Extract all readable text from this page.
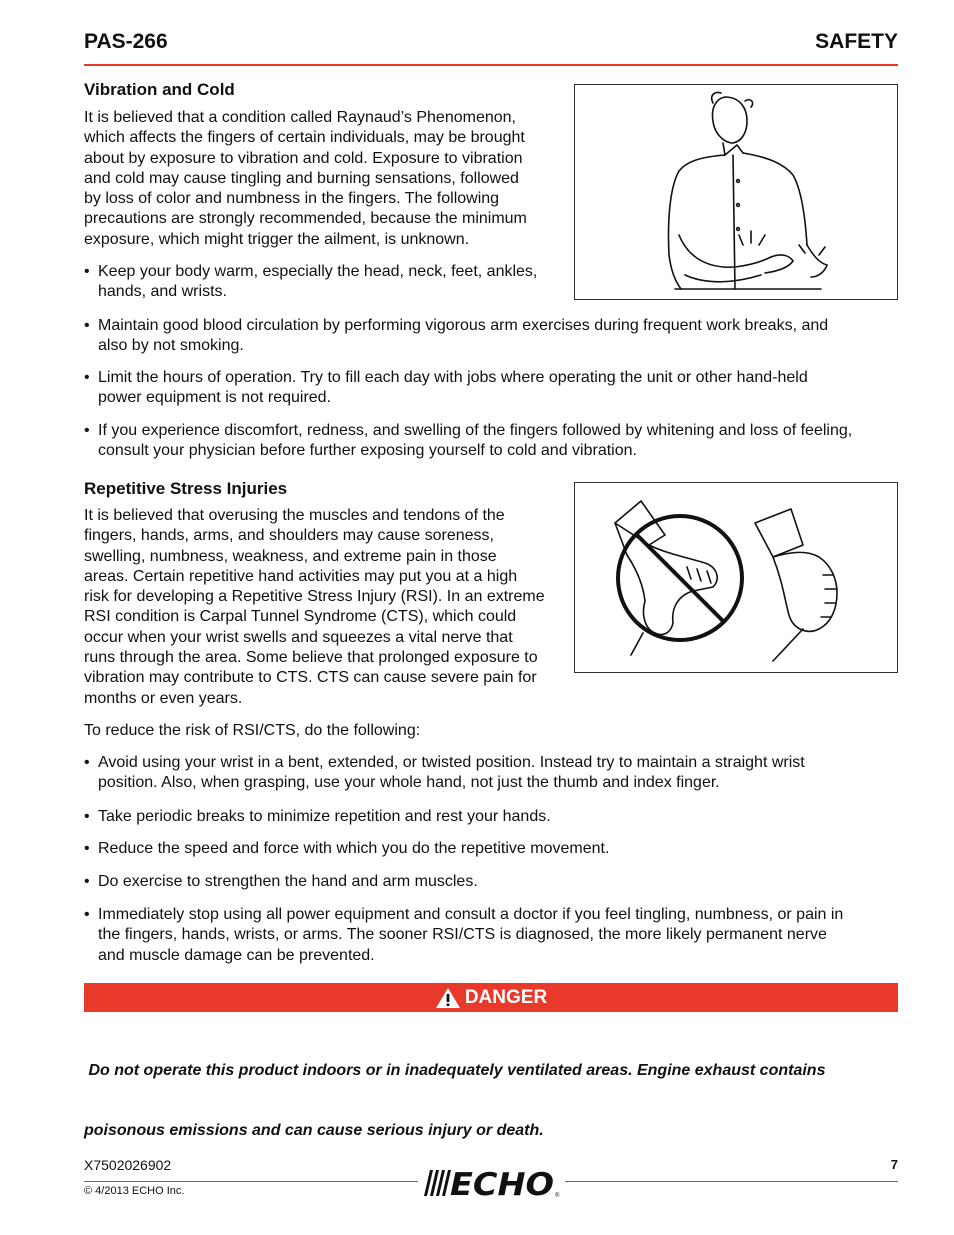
PAS-266	SAFETY
Vibration and Cold
It is believed that a condition called Raynaud’s Phenomenon,
which affects the fingers of certain individuals, may be brought
about by exposure to vibration and cold. Exposure to vibration
and cold may cause tingling and burning sensations, followed
by loss of color and numbness in the fingers. The following
precautions are strongly recommended, because the minimum
exposure, which might trigger the ailment, is unknown.
• Keep your body warm, especially the head, neck, feet, ankles,
hands, and wrists.
• Maintain good blood circulation by performing vigorous arm exercises during frequent work breaks, and
also by not smoking.
• Limit the hours of operation. Try to fill each day with jobs where operating the unit or other hand-held
power equipment is not required.
• If you experience discomfort, redness, and swelling of the fingers followed by whitening and loss of feeling,
consult your physician before further exposing yourself to cold and vibration.
Repetitive Stress Injuries
It is believed that overusing the muscles and tendons of the
fingers, hands, arms, and shoulders may cause soreness,
swelling, numbness, weakness, and extreme pain in those
areas. Certain repetitive hand activities may put you at a high
risk for developing a Repetitive Stress Injury (RSI). In an extreme
RSI condition is Carpal Tunnel Syndrome (CTS), which could
occur when your wrist swells and squeezes a vital nerve that
runs through the area. Some believe that prolonged exposure to
vibration may contribute to CTS. CTS can cause severe pain for
months or even years.
To reduce the risk of RSI/CTS, do the following:
• Avoid using your wrist in a bent, extended, or twisted position. Instead try to maintain a straight wrist
position. Also, when grasping, use your whole hand, not just the thumb and index finger.
• Take periodic breaks to minimize repetition and rest your hands.
• Reduce the speed and force with which you do the repetitive movement.
• Do exercise to strengthen the hand and arm muscles.
• Immediately stop using all power equipment and consult a doctor if you feel tingling, numbness, or pain in
the fingers, hands, wrists, or arms. The sooner RSI/CTS is diagnosed, the more likely permanent nerve
and muscle damage can be prevented.
DANGER

Do not operate this product indoors or in inadequately ventilated areas. Engine exhaust contains

poisonous emissions and can cause serious injury or death.

X7502026902	7
© 4/2013 ECHO Inc.	ECHO ®
